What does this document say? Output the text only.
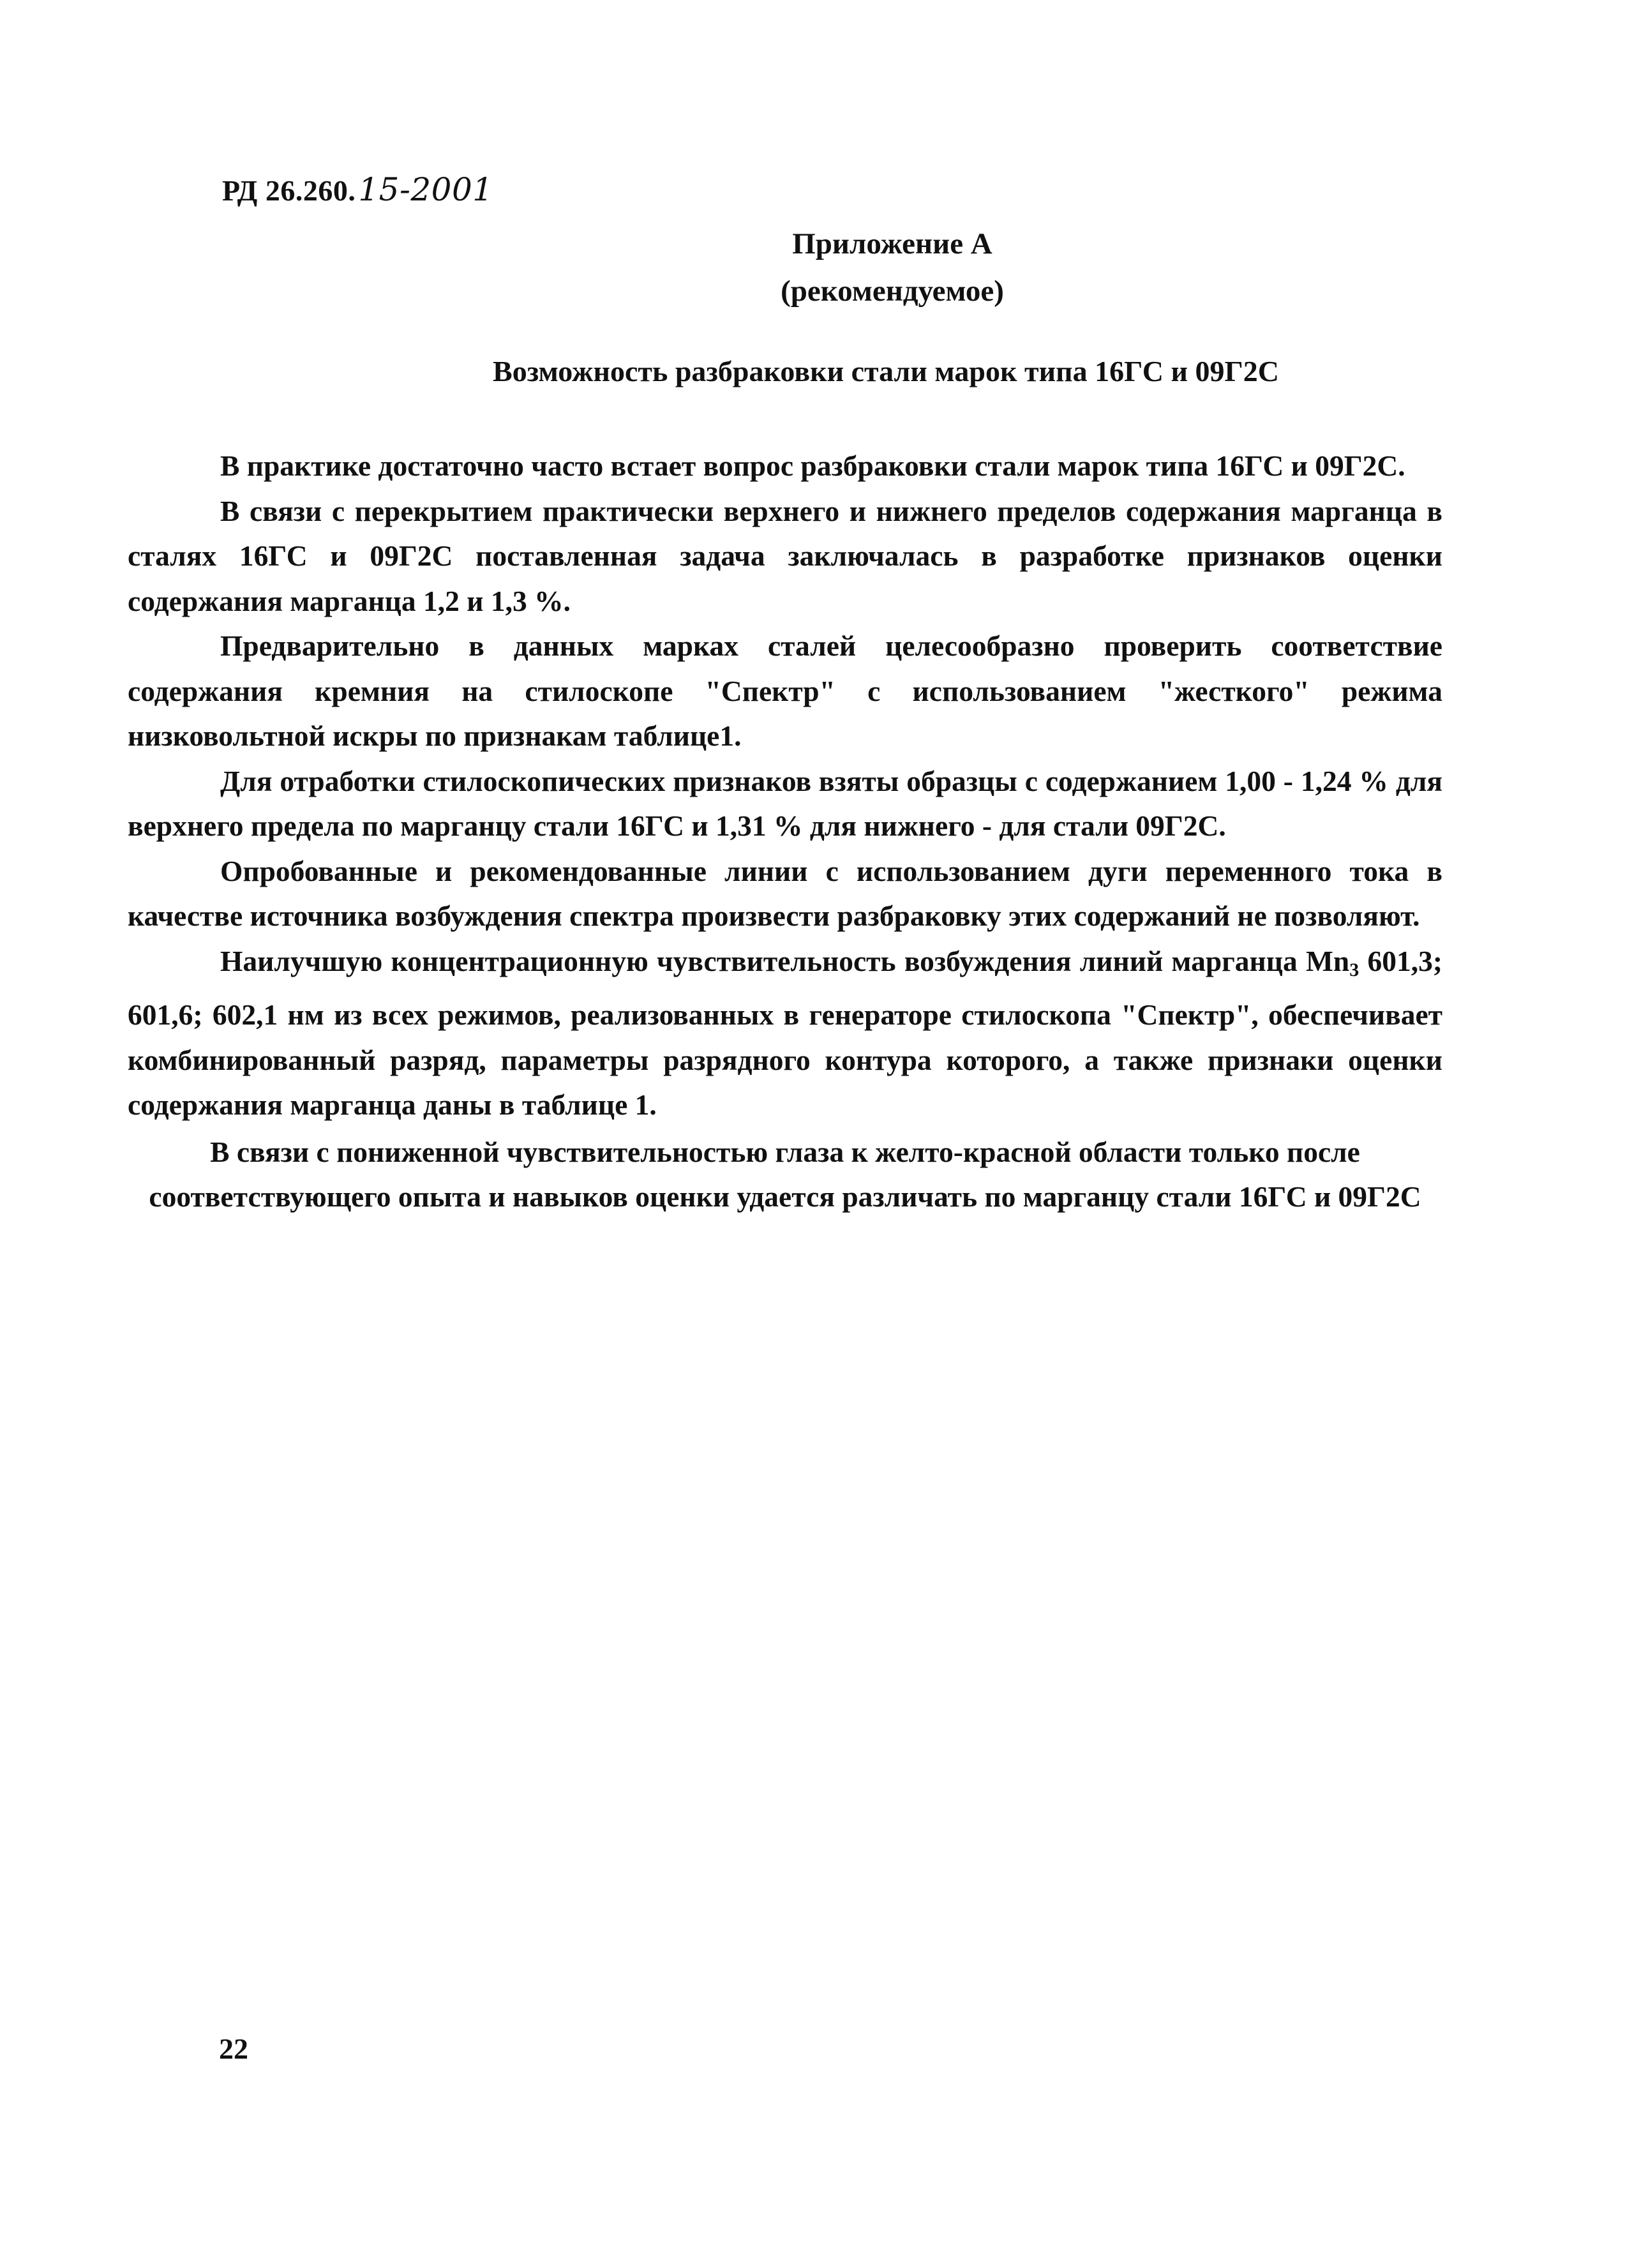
РД 26.260.15-2001
Приложение А
(рекомендуемое)
Возможность разбраковки стали марок типа 16ГС и 09Г2С

В практике достаточно часто встает вопрос разбраковки стали марок типа 16ГС и 09Г2С.

В связи с перекрытием практически верхнего и нижнего пределов содержания марганца в сталях 16ГС и 09Г2С поставленная задача заключалась в разработке признаков оценки содержания марганца 1,2 и 1,3 %.

Предварительно в данных марках сталей целесообразно проверить соответствие содержания кремния на стилоскопе "Спектр" с использованием "жесткого" режима низковольтной искры по признакам таблице1.

Для отработки стилоскопических признаков взяты образцы с содержанием 1,00 - 1,24 % для верхнего предела по марганцу стали 16ГС и 1,31 % для нижнего - для стали 09Г2С.

Опробованные и рекомендованные линии с использованием дуги переменного тока в качестве источника возбуждения спектра произвести разбраковку этих содержаний не позволяют.

Наилучшую концентрационную чувствительность возбуждения линий марганца $Mn_3$ 601,3; 601,6; 602,1 нм из всех режимов, реализованных в генераторе стилоскопа "Спектр", обеспечивает комбинированный разряд, параметры разрядного контура которого, а также признаки оценки содержания марганца даны в таблице 1.

В связи с пониженной чувствительностью глаза к желто-красной области только после
соответствующего опыта и навыков оценки удается различать по марганцу стали 16ГС и 09Г2С

22
